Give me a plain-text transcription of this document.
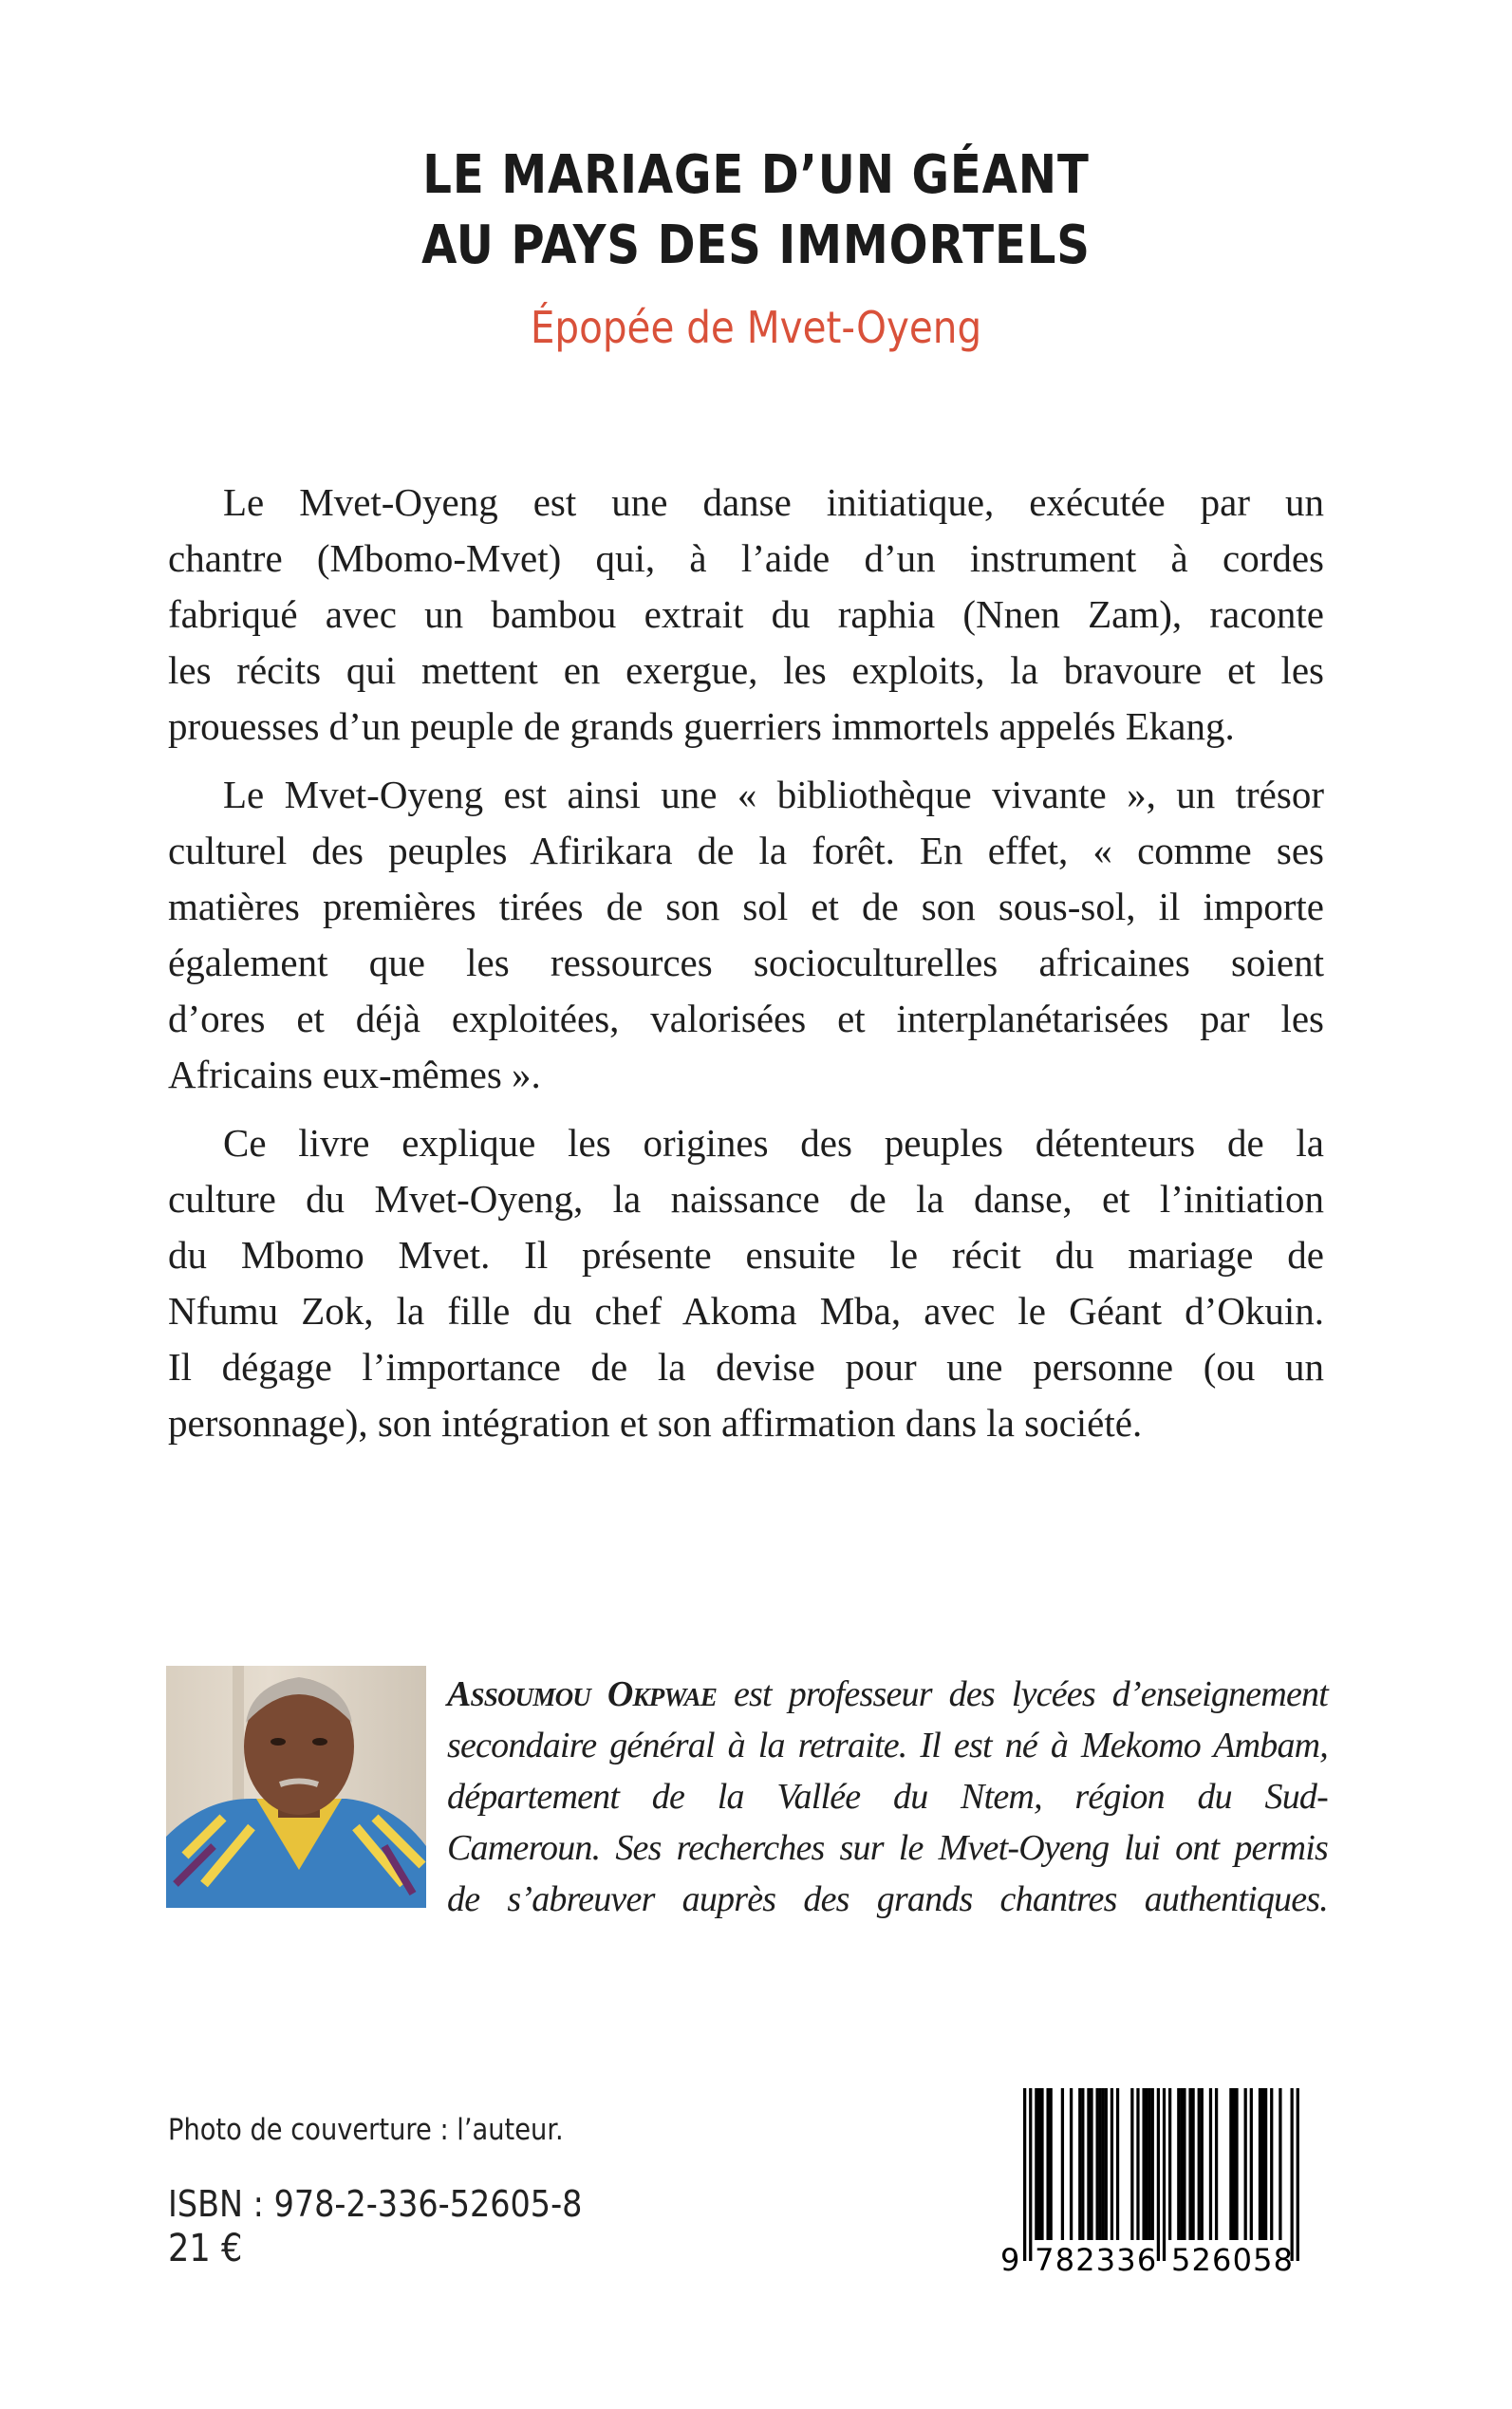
LE MARIAGE D’UN GÉANT
AU PAYS DES IMMORTELS
Épopée de Mvet-Oyeng
Le Mvet-Oyeng est une danse initiatique, exécutée par un
chantre (Mbomo-Mvet) qui, à l’aide d’un instrument à cordes
fabriqué avec un bambou extrait du raphia (Nnen Zam), raconte
les récits qui mettent en exergue, les exploits, la bravoure et les
prouesses d’un peuple de grands guerriers immortels appelés Ekang.
Le Mvet-Oyeng est ainsi une « bibliothèque vivante », un trésor
culturel des peuples Afirikara de la forêt. En effet, « comme ses
matières premières tirées de son sol et de son sous-sol, il importe
également que les ressources socioculturelles africaines soient
d’ores et déjà exploitées, valorisées et interplanétarisées par les
Africains eux-mêmes ».
Ce livre explique les origines des peuples détenteurs de la
culture du Mvet-Oyeng, la naissance de la danse, et l’initiation
du Mbomo Mvet. Il présente ensuite le récit du mariage de
Nfumu Zok, la fille du chef Akoma Mba, avec le Géant d’Okuin.
Il dégage l’importance de la devise pour une personne (ou un
personnage), son intégration et son affirmation dans la société.
Assoumou Okpwae est professeur des lycées d’enseignement
secondaire général à la retraite. Il est né à Mekomo Ambam,
département de la Vallée du Ntem, région du Sud-
Cameroun. Ses recherches sur le Mvet-Oyeng lui ont permis
de s’abreuver auprès des grands chantres authentiques.
Photo de couverture : l’auteur.
ISBN : 978-2-336-52605-8
21 €	9 782336 526058
